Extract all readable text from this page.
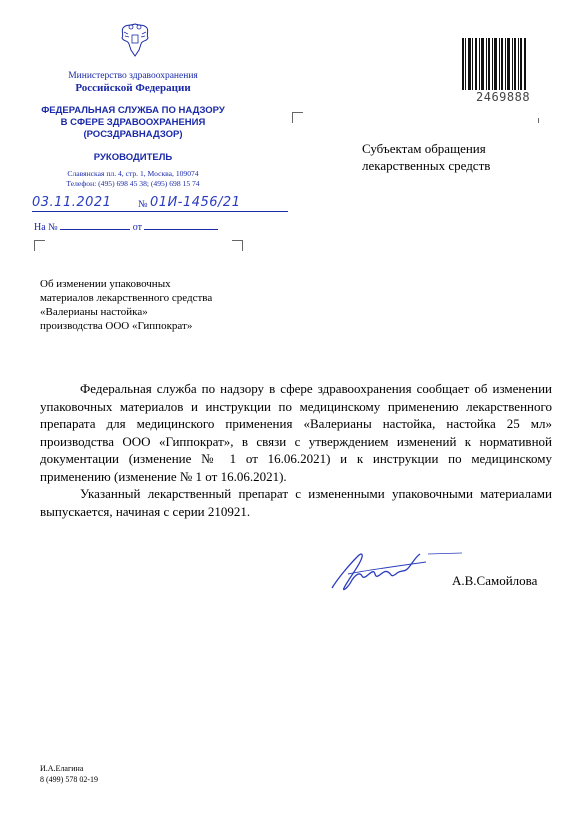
Министерство здравоохранения
Российской Федерации
ФЕДЕРАЛЬНАЯ СЛУЖБА ПО НАДЗОРУ
В СФЕРЕ ЗДРАВООХРАНЕНИЯ
(РОСЗДРАВНАДЗОР)
РУКОВОДИТЕЛЬ
Славянская пл. 4, стр. 1, Москва, 109074
Телефон: (495) 698 45 38; (495) 698 15 74
03.11.2021	№ 01И-1456/21
На №	от
2469888
Субъектам обращения
лекарственных средств
Об изменении упаковочных
материалов лекарственного средства
«Валерианы настойка»
производства ООО «Гиппократ»

Федеральная служба по надзору в сфере здравоохранения сообщает об изменении упаковочных материалов и инструкции по медицинскому применению лекарственного препарата для медицинского применения «Валерианы настойка, настойка 25 мл» производства ООО «Гиппократ», в связи с утверждением изменений к нормативной документации (изменение № 1 от 16.06.2021) и к инструкции по медицинскому применению (изменение № 1 от 16.06.2021).

Указанный лекарственный препарат с измененными упаковочными материалами выпускается, начиная с серии 210921.

А.В.Самойлова
И.А.Елагина
8 (499) 578 02-19
